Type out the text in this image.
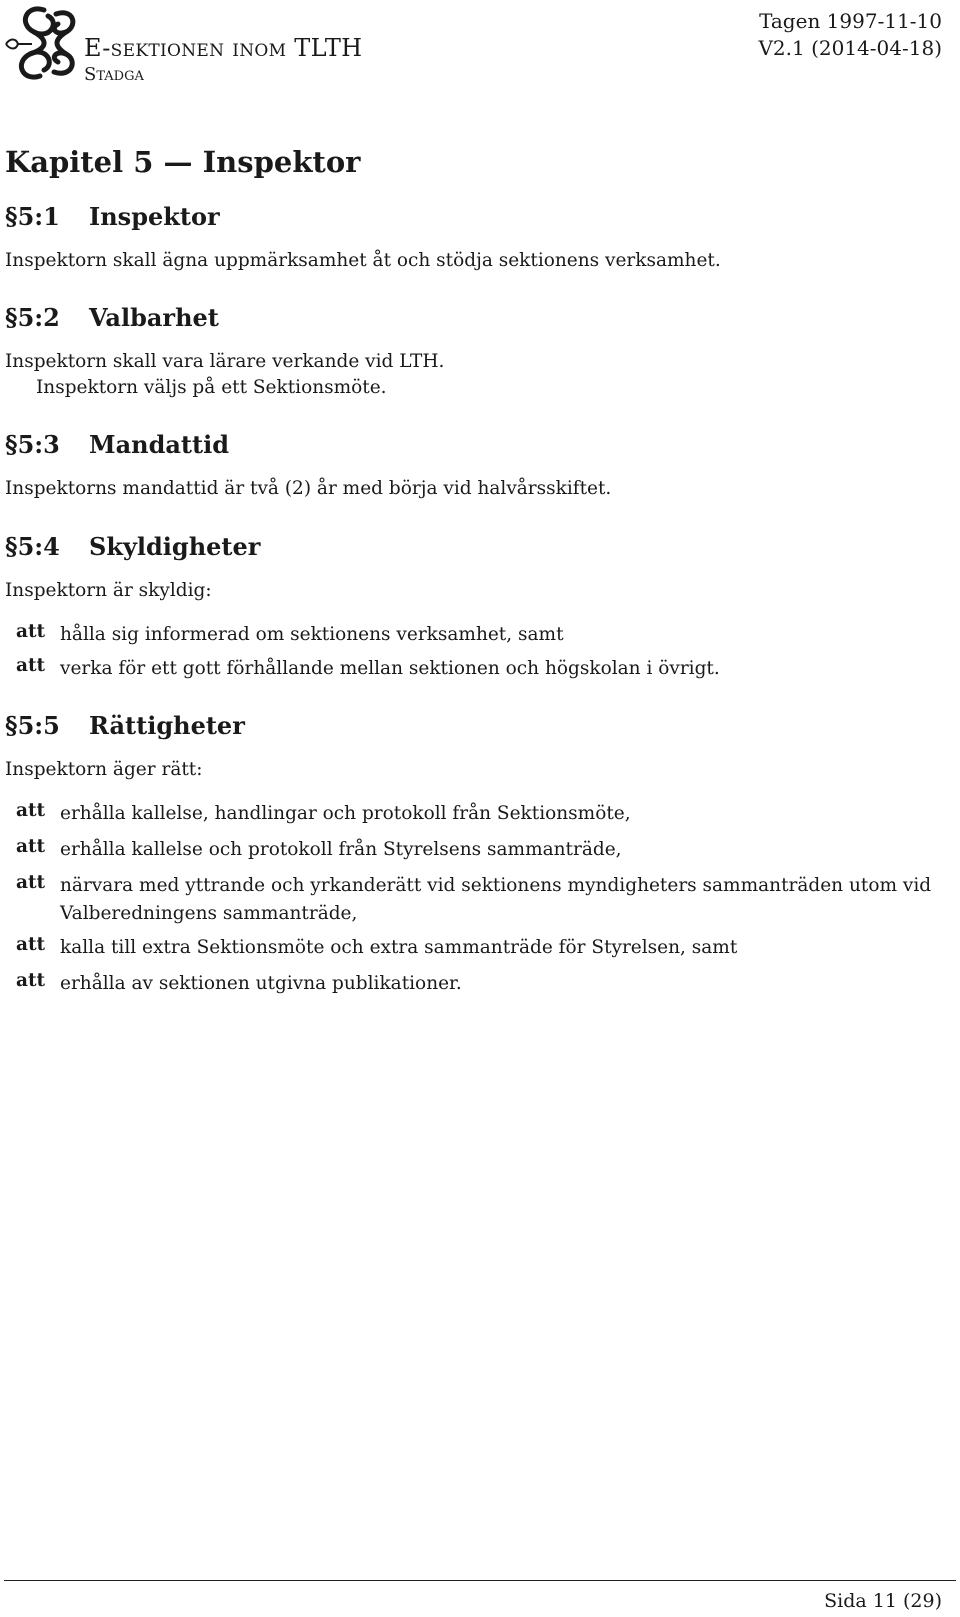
E-sektionen inom TLTH
Stadga
Tagen 1997-11-10
V2.1 (2014-04-18)
Kapitel 5 — Inspektor
§5:1 Inspektor

Inspektorn skall ägna uppmärksamhet åt och stödja sektionens verksamhet.

§5:2 Valbarhet

Inspektorn skall vara lärare verkande vid LTH.

Inspektorn väljs på ett Sektionsmöte.

§5:3 Mandattid

Inspektorns mandattid är två (2) år med börja vid halvårsskiftet.

§5:4 Skyldigheter

Inspektorn är skyldig:

att hålla sig informerad om sektionens verksamhet, samt
att verka för ett gott förhållande mellan sektionen och högskolan i övrigt.
§5:5 Rättigheter

Inspektorn äger rätt:

att erhålla kallelse, handlingar och protokoll från Sektionsmöte,
att erhålla kallelse och protokoll från Styrelsens sammanträde,
att närvara med yttrande och yrkanderätt vid sektionens myndigheters sammanträden utom vid Valberedningens sammanträde,
att kalla till extra Sektionsmöte och extra sammanträde för Styrelsen, samt
att erhålla av sektionen utgivna publikationer.
Sida 11 (29)
